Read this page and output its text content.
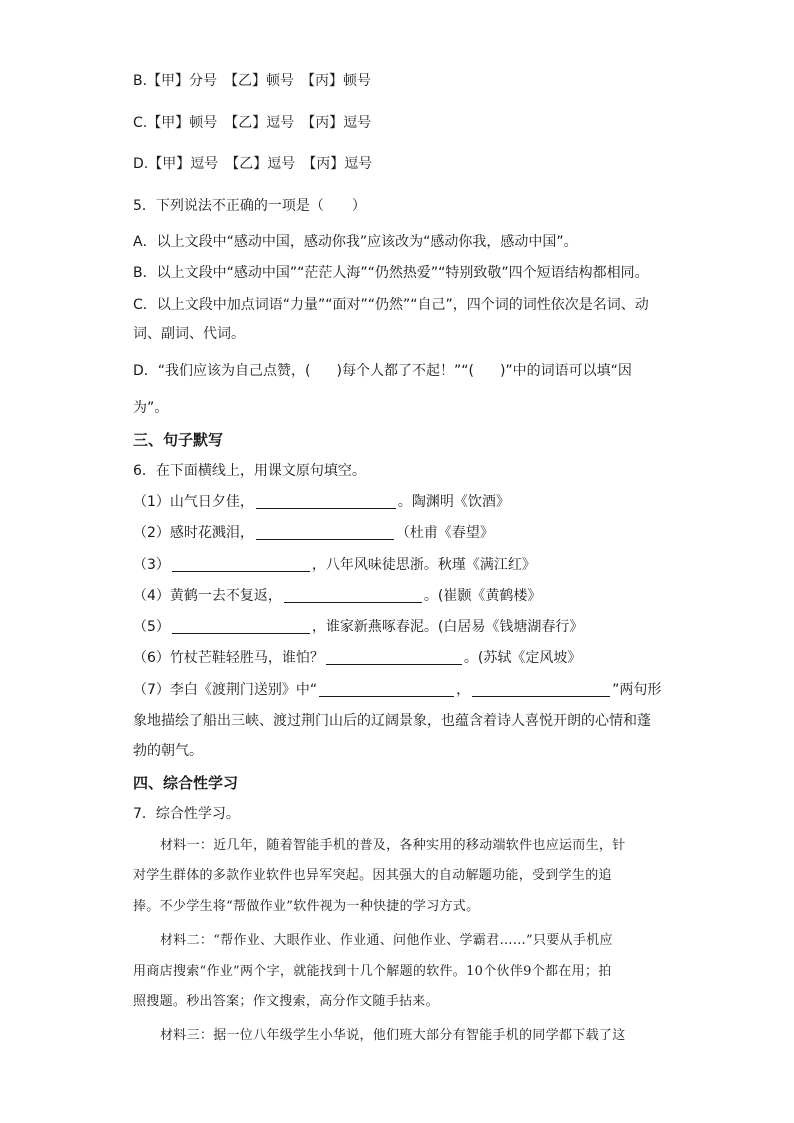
B.【甲】分号　【乙】顿号　【丙】顿号
C.【甲】顿号　【乙】逗号　【丙】逗号
D.【甲】逗号　【乙】逗号　【丙】逗号
5．下列说法不正确的一项是（　　）
A．以上文段中“感动中国，感动你我”应该改为“感动你我，感动中国”。
B．以上文段中“感动中国”“茫茫人海”“仍然热爱”“特别致敬”四个短语结构都相同。
C．以上文段中加点词语“力量”“面对”“仍然”“自己”，四个词的词性依次是名词、动
词、副词、代词。
D．“我们应该为自己点赞，( )每个人都了不起！”“( )”中的词语可以填“因
为”。
三、句子默写
6．在下面横线上，用课文原句填空。
（1）山气日夕佳，	。陶渊明《饮酒》
（2）感时花溅泪，	（杜甫《春望》
（3）	，八年风味徒思浙。秋瑾《满江红》
（4）黄鹤一去不复返，	。(崔颢《黄鹤楼》
（5）	，谁家新燕啄春泥。(白居易《钱塘湖春行》
（6）竹杖芒鞋轻胜马，谁怕？	。(苏轼《定风坡》
（7）李白《渡荆门送别》中“	，	”两句形
象地描绘了船出三峡、渡过荆门山后的辽阔景象，也蕴含着诗人喜悦开朗的心情和蓬
勃的朝气。
四、综合性学习
7．综合性学习。
材料一：近几年，随着智能手机的普及，各种实用的移动端软件也应运而生，针
对学生群体的多款作业软件也异军突起。因其强大的自动解题功能，受到学生的追
捧。不少学生将“帮做作业”软件视为一种快捷的学习方式。
材料二：“帮作业、大眼作业、作业通、问他作业、学霸君……”只要从手机应
用商店搜索“作业”两个字，就能找到十几个解题的软件。10个伙伴9个都在用；拍
照搜题。秒出答案；作文搜索，高分作文随手拈来。
材料三：据一位八年级学生小华说，他们班大部分有智能手机的同学都下载了这
